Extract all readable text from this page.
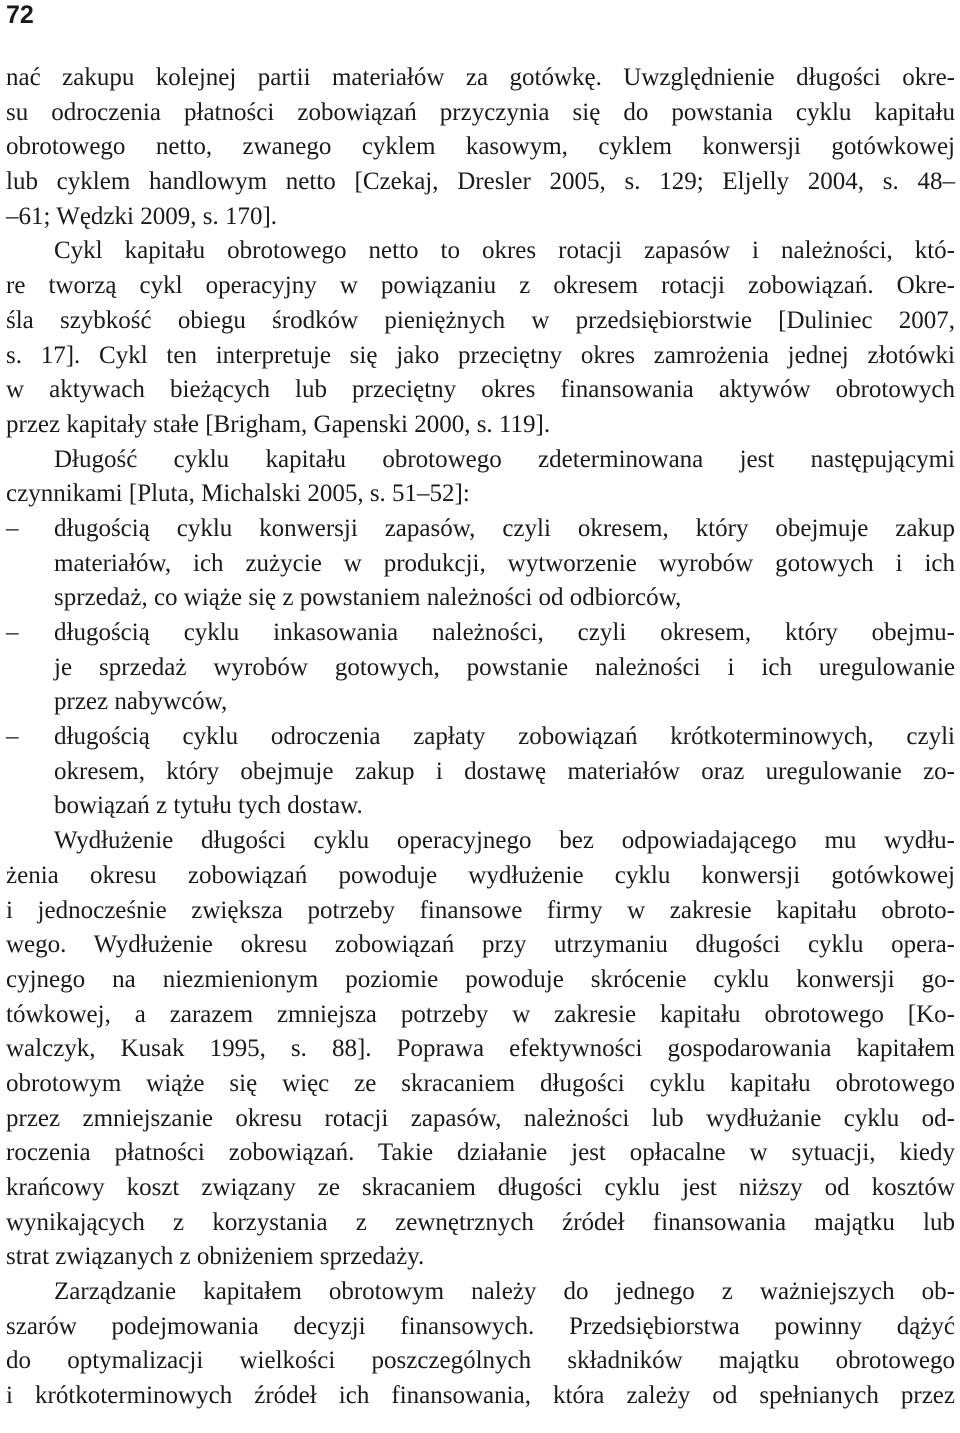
72
nać zakupu kolejnej partii materiałów za gotówkę. Uwzględnienie długości okre-
su odroczenia płatności zobowiązań przyczynia się do powstania cyklu kapitału
obrotowego netto, zwanego cyklem kasowym, cyklem konwersji gotówkowej
lub cyklem handlowym netto [Czekaj, Dresler 2005, s. 129; Eljelly 2004, s. 48–
–61; Wędzki 2009, s. 170].
Cykl kapitału obrotowego netto to okres rotacji zapasów i należności, któ-
re tworzą cykl operacyjny w powiązaniu z okresem rotacji zobowiązań. Okre-
śla szybkość obiegu środków pieniężnych w przedsiębiorstwie [Duliniec 2007,
s. 17]. Cykl ten interpretuje się jako przeciętny okres zamrożenia jednej złotówki
w aktywach bieżących lub przeciętny okres finansowania aktywów obrotowych
przez kapitały stałe [Brigham, Gapenski 2000, s. 119].
Długość cyklu kapitału obrotowego zdeterminowana jest następującymi
czynnikami [Pluta, Michalski 2005, s. 51–52]:
–	długością cyklu konwersji zapasów, czyli okresem, który obejmuje zakup
materiałów, ich zużycie w produkcji, wytworzenie wyrobów gotowych i ich
sprzedaż, co wiąże się z powstaniem należności od odbiorców,
–	długością cyklu inkasowania należności, czyli okresem, który obejmu-
je sprzedaż wyrobów gotowych, powstanie należności i ich uregulowanie
przez nabywców,
–	długością cyklu odroczenia zapłaty zobowiązań krótkoterminowych, czyli
okresem, który obejmuje zakup i dostawę materiałów oraz uregulowanie zo-
bowiązań z tytułu tych dostaw.
Wydłużenie długości cyklu operacyjnego bez odpowiadającego mu wydłu-
żenia okresu zobowiązań powoduje wydłużenie cyklu konwersji gotówkowej
i jednocześnie zwiększa potrzeby finansowe firmy w zakresie kapitału obroto-
wego. Wydłużenie okresu zobowiązań przy utrzymaniu długości cyklu opera-
cyjnego na niezmienionym poziomie powoduje skrócenie cyklu konwersji go-
tówkowej, a zarazem zmniejsza potrzeby w zakresie kapitału obrotowego [Ko-
walczyk, Kusak 1995, s. 88]. Poprawa efektywności gospodarowania kapitałem
obrotowym wiąże się więc ze skracaniem długości cyklu kapitału obrotowego
przez zmniejszanie okresu rotacji zapasów, należności lub wydłużanie cyklu od-
roczenia płatności zobowiązań. Takie działanie jest opłacalne w sytuacji, kiedy
krańcowy koszt związany ze skracaniem długości cyklu jest niższy od kosztów
wynikających z korzystania z zewnętrznych źródeł finansowania majątku lub
strat związanych z obniżeniem sprzedaży.
Zarządzanie kapitałem obrotowym należy do jednego z ważniejszych ob-
szarów podejmowania decyzji finansowych. Przedsiębiorstwa powinny dążyć
do optymalizacji wielkości poszczególnych składników majątku obrotowego
i krótkoterminowych źródeł ich finansowania, która zależy od spełnianych przez
